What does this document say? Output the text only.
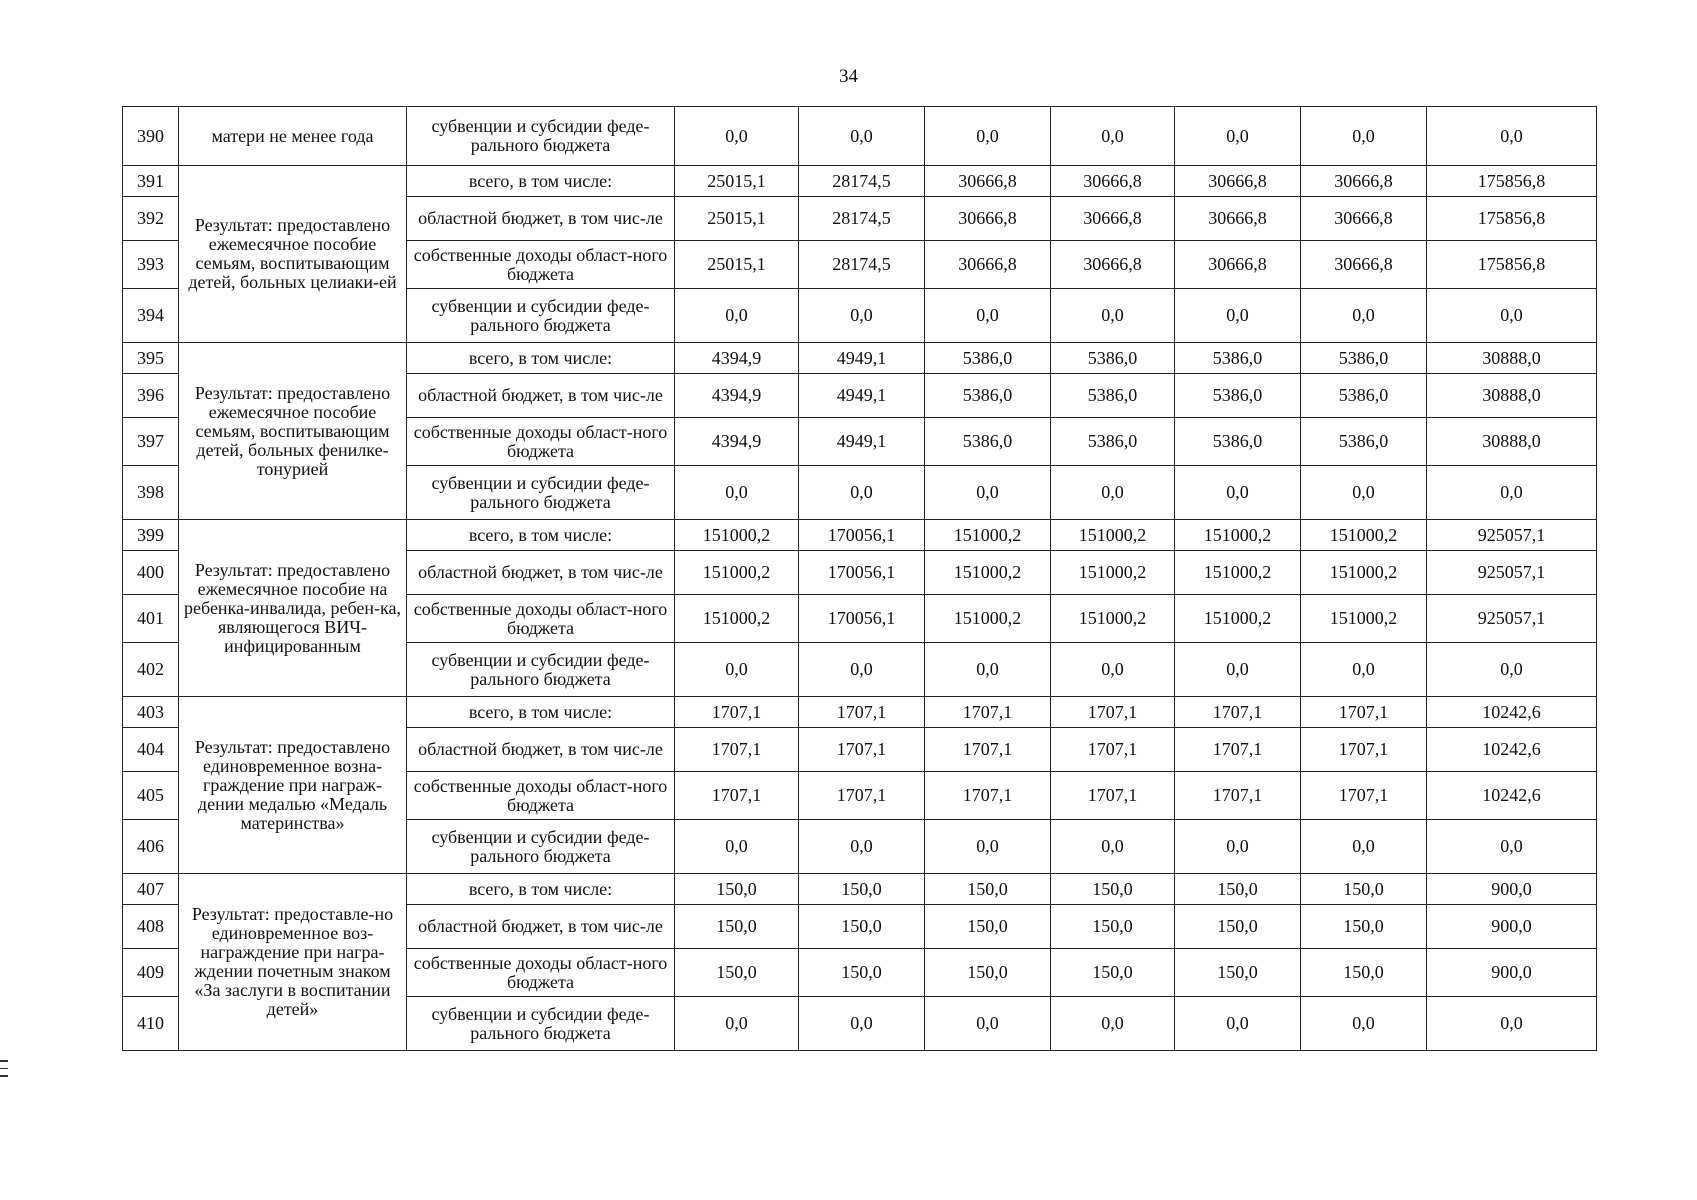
34
390	матери не менее года	субвенции и субсидии феде-ральноrо бюджета	0,0	0,0	0,0	0,0	0,0	0,0	0,0
391	Результат: предоставлено ежемесячное пособие семьям, воспитывающим детей, больных целиаки-ей	всего, в том числе:	25015,1	28174,5	30666,8	30666,8	30666,8	30666,8	175856,8
392		областной бюджет, в том чис-ле	25015,1	28174,5	30666,8	30666,8	30666,8	30666,8	175856,8
393		собственные доходы област-ного бюджета	25015,1	28174,5	30666,8	30666,8	30666,8	30666,8	175856,8
394		субвенции и субсидии феде-рального бюджета	0,0	0,0	0,0	0,0	0,0	0,0	0,0
395	Результат: предоставлено ежемесячное пособие семьям, воспитывающим детей, больных фенилке-тонурией	всего, в том числе:	4394,9	4949,1	5386,0	5386,0	5386,0	5386,0	30888,0
396		областной бюджет, в том чис-ле	4394,9	4949,1	5386,0	5386,0	5386,0	5386,0	30888,0
397		собственные доходы област-ного бюджета	4394,9	4949,1	5386,0	5386,0	5386,0	5386,0	30888,0
398		субвенции и субсидии феде-рального бюджета	0,0	0,0	0,0	0,0	0,0	0,0	0,0
399	Результат: предоставлено ежемесячное пособие на ребенка-инвалида, ребен-ка, являющегося ВИЧ-инфицированным	всего, в том числе:	151000,2	170056,1	151000,2	151000,2	151000,2	151000,2	925057,1
400		областной бюджет, в том чис-ле	151000,2	170056,1	151000,2	151000,2	151000,2	151000,2	925057,1
401		собственные доходы област-ного бюджета	151000,2	170056,1	151000,2	151000,2	151000,2	151000,2	925057,1
402		субвенции и субсидии феде-рального бюджета	0,0	0,0	0,0	0,0	0,0	0,0	0,0
403	Результат: предоставлено единовременное возна-граждение при награж-дении медалью «Медаль материнства»	всего, в том числе:	1707,1	1707,1	1707,1	1707,1	1707,1	1707,1	10242,6
404		областной бюджет, в том чис-ле	1707,1	1707,1	1707,1	1707,1	1707,1	1707,1	10242,6
405		собственные доходы област-ного бюджета	1707,1	1707,1	1707,1	1707,1	1707,1	1707,1	10242,6
406		субвенции и субсидии феде-рального бюджета	0,0	0,0	0,0	0,0	0,0	0,0	0,0
407	Результат: предоставле-но единовременное воз-награждение при награ-ждении почетным знаком «За заслуги в воспитании детей»	всего, в том числе:	150,0	150,0	150,0	150,0	150,0	150,0	900,0
408		областной бюджет, в том чис-ле	150,0	150,0	150,0	150,0	150,0	150,0	900,0
409		собственные доходы област-ного бюджета	150,0	150,0	150,0	150,0	150,0	150,0	900,0
410		субвенции и субсидии феде-рального бюджета	0,0	0,0	0,0	0,0	0,0	0,0	0,0
